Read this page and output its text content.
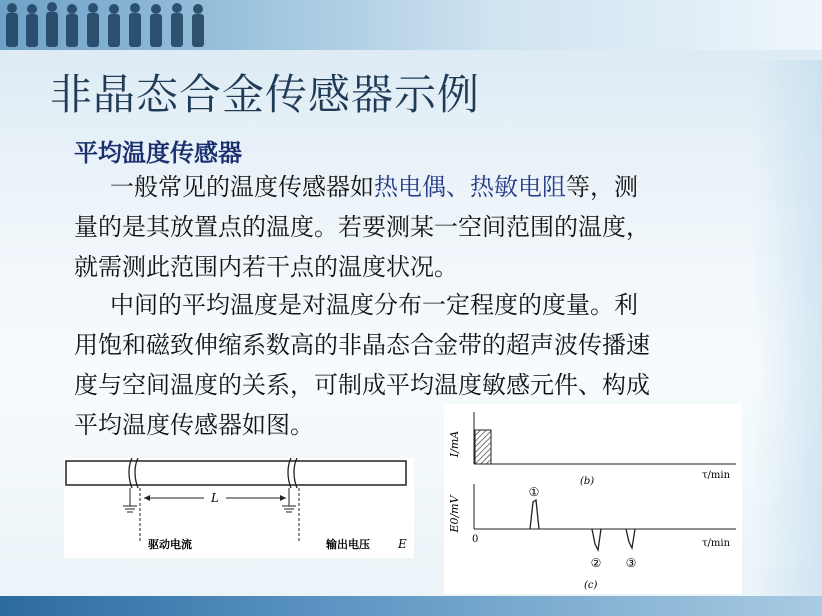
非晶态合金传感器示例
平均温度传感器
一般常见的温度传感器如热电偶、热敏电阻等，测
量的是其放置点的温度。若要测某一空间范围的温度，
就需测此范围内若干点的温度状况。
中间的平均温度是对温度分布一定程度的度量。利
用饱和磁致伸缩系数高的非晶态合金带的超声波传播速
度与空间温度的关系，可制成平均温度敏感元件、构成
平均温度传感器如图。
L
驱动电流	输出电压 E
I/mA
τ/min
(b)
E0/mV
0	τ/min
①
② ③
(c)
